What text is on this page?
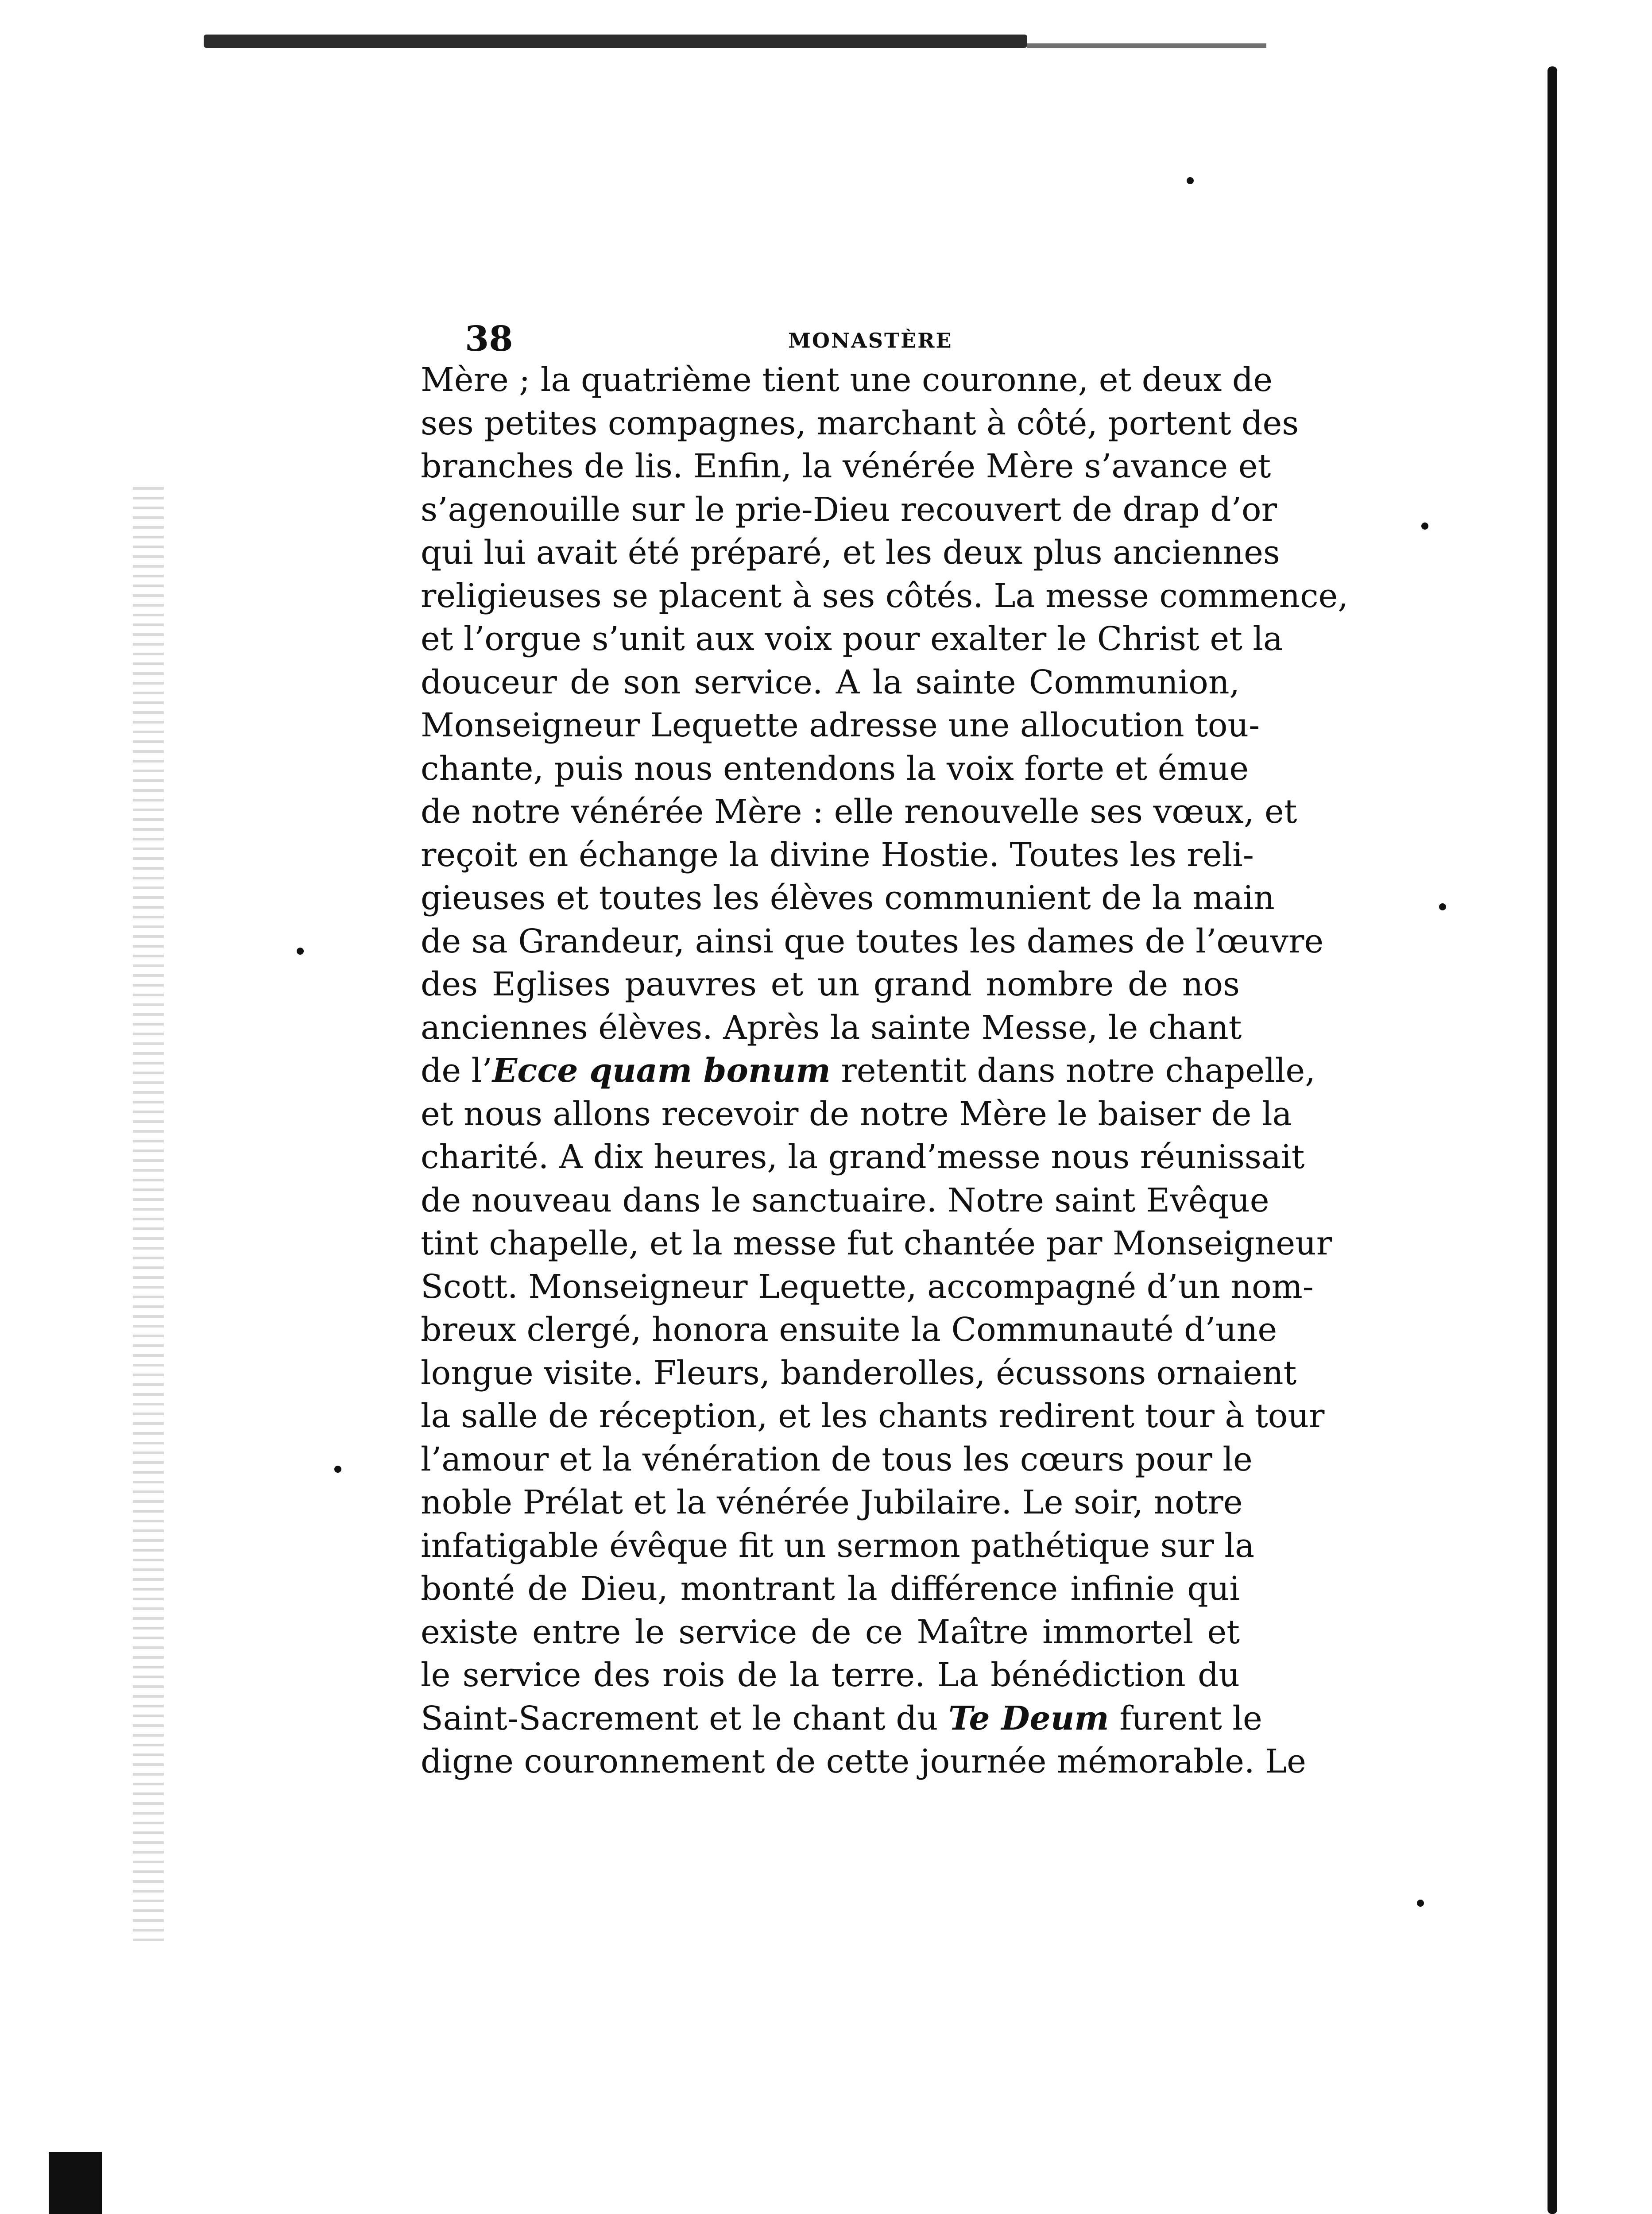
38	MONASTÈRE
Mère ; la quatrième tient une couronne, et deux de
ses petites compagnes, marchant à côté, portent des
branches de lis. Enfin, la vénérée Mère s’avance et
s’agenouille sur le prie-Dieu recouvert de drap d’or
qui lui avait été préparé, et les deux plus anciennes
religieuses se placent à ses côtés. La messe commence,
et l’orgue s’unit aux voix pour exalter le Christ et la
douceur de son service. A la sainte Communion,
Monseigneur Lequette adresse une allocution tou-
chante, puis nous entendons la voix forte et émue
de notre vénérée Mère : elle renouvelle ses vœux, et
reçoit en échange la divine Hostie. Toutes les reli-
gieuses et toutes les élèves communient de la main
de sa Grandeur, ainsi que toutes les dames de l’œuvre
des Eglises pauvres et un grand nombre de nos
anciennes élèves. Après la sainte Messe, le chant
de l’Ecce quam bonum retentit dans notre chapelle,
et nous allons recevoir de notre Mère le baiser de la
charité. A dix heures, la grand’messe nous réunissait
de nouveau dans le sanctuaire. Notre saint Evêque
tint chapelle, et la messe fut chantée par Monseigneur
Scott. Monseigneur Lequette, accompagné d’un nom-
breux clergé, honora ensuite la Communauté d’une
longue visite. Fleurs, banderolles, écussons ornaient
la salle de réception, et les chants redirent tour à tour
l’amour et la vénération de tous les cœurs pour le
noble Prélat et la vénérée Jubilaire. Le soir, notre
infatigable évêque fit un sermon pathétique sur la
bonté de Dieu, montrant la différence infinie qui
existe entre le service de ce Maître immortel et
le service des rois de la terre. La bénédiction du
Saint-Sacrement et le chant du Te Deum furent le
digne couronnement de cette journée mémorable. Le
